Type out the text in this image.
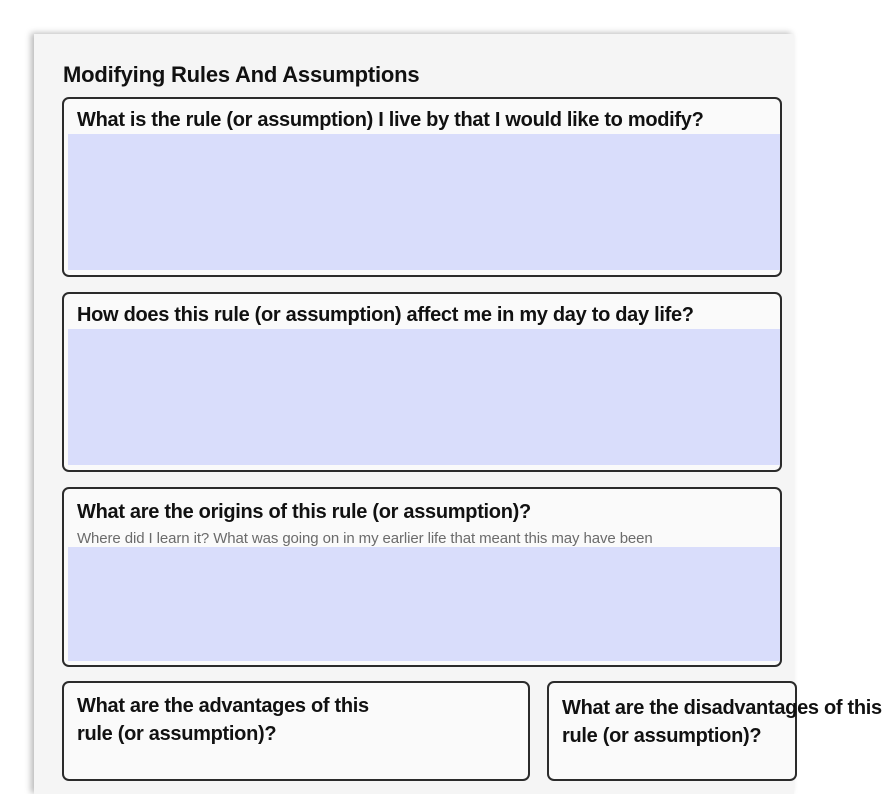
Modifying Rules And Assumptions

What is the rule (or assumption) I live by that I would like to modify?

How does this rule (or assumption) affect me in my day to day life?

What are the origins of this rule (or assumption)?

Where did I learn it? What was going on in my earlier life that meant this may have been

What are the advantages of this

rule (or assumption)?

What are the disadvantages of this

rule (or assumption)?
